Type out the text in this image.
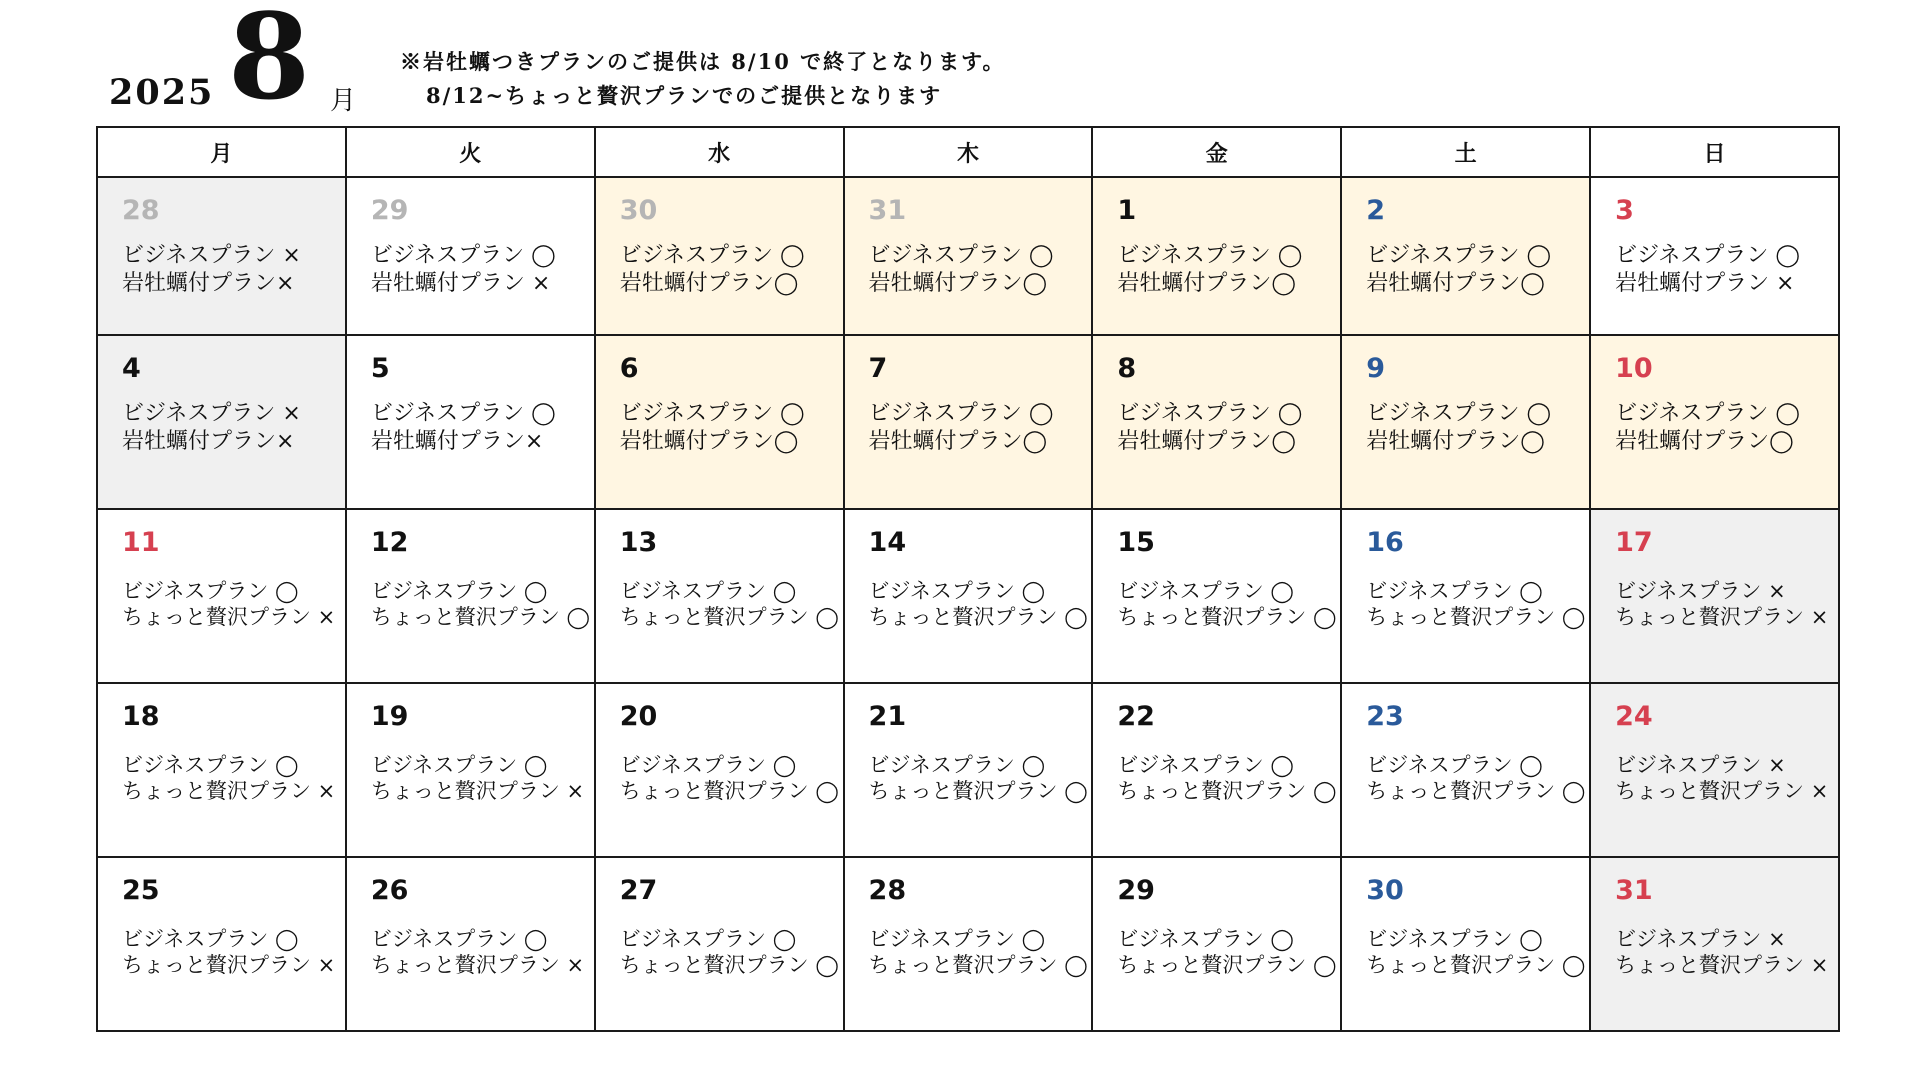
2025 8 月
※岩牡蠣つきプランのご提供は 8/10 で終了となります。
8/12~ちょっと贅沢プランでのご提供となります
月	火	水	木	金	土	日

28
ビジネスプラン ×
岩牡蠣付プラン×	29
ビジネスプラン ◯
岩牡蠣付プラン ×	30
ビジネスプラン ◯
岩牡蠣付プラン◯	31
ビジネスプラン ◯
岩牡蠣付プラン◯	1
ビジネスプラン ◯
岩牡蠣付プラン◯	2
ビジネスプラン ◯
岩牡蠣付プラン◯	3
ビジネスプラン ◯
岩牡蠣付プラン ×

4
ビジネスプラン ×
岩牡蠣付プラン×	5
ビジネスプラン ◯
岩牡蠣付プラン×	6
ビジネスプラン ◯
岩牡蠣付プラン◯	7
ビジネスプラン ◯
岩牡蠣付プラン◯	8
ビジネスプラン ◯
岩牡蠣付プラン◯	9
ビジネスプラン ◯
岩牡蠣付プラン◯	10
ビジネスプラン ◯
岩牡蠣付プラン◯

11
ビジネスプラン ◯
ちょっと贅沢プラン ×	12
ビジネスプラン ◯
ちょっと贅沢プラン ◯	13
ビジネスプラン ◯
ちょっと贅沢プラン ◯	14
ビジネスプラン ◯
ちょっと贅沢プラン ◯	15
ビジネスプラン ◯
ちょっと贅沢プラン ◯	16
ビジネスプラン ◯
ちょっと贅沢プラン ◯	17
ビジネスプラン ×
ちょっと贅沢プラン ×

18
ビジネスプラン ◯
ちょっと贅沢プラン ×	19
ビジネスプラン ◯
ちょっと贅沢プラン ×	20
ビジネスプラン ◯
ちょっと贅沢プラン ◯	21
ビジネスプラン ◯
ちょっと贅沢プラン ◯	22
ビジネスプラン ◯
ちょっと贅沢プラン ◯	23
ビジネスプラン ◯
ちょっと贅沢プラン ◯	24
ビジネスプラン ×
ちょっと贅沢プラン ×

25
ビジネスプラン ◯
ちょっと贅沢プラン ×	26
ビジネスプラン ◯
ちょっと贅沢プラン ×	27
ビジネスプラン ◯
ちょっと贅沢プラン ◯	28
ビジネスプラン ◯
ちょっと贅沢プラン ◯	29
ビジネスプラン ◯
ちょっと贅沢プラン ◯	30
ビジネスプラン ◯
ちょっと贅沢プラン ◯	31
ビジネスプラン ×
ちょっと贅沢プラン ×
